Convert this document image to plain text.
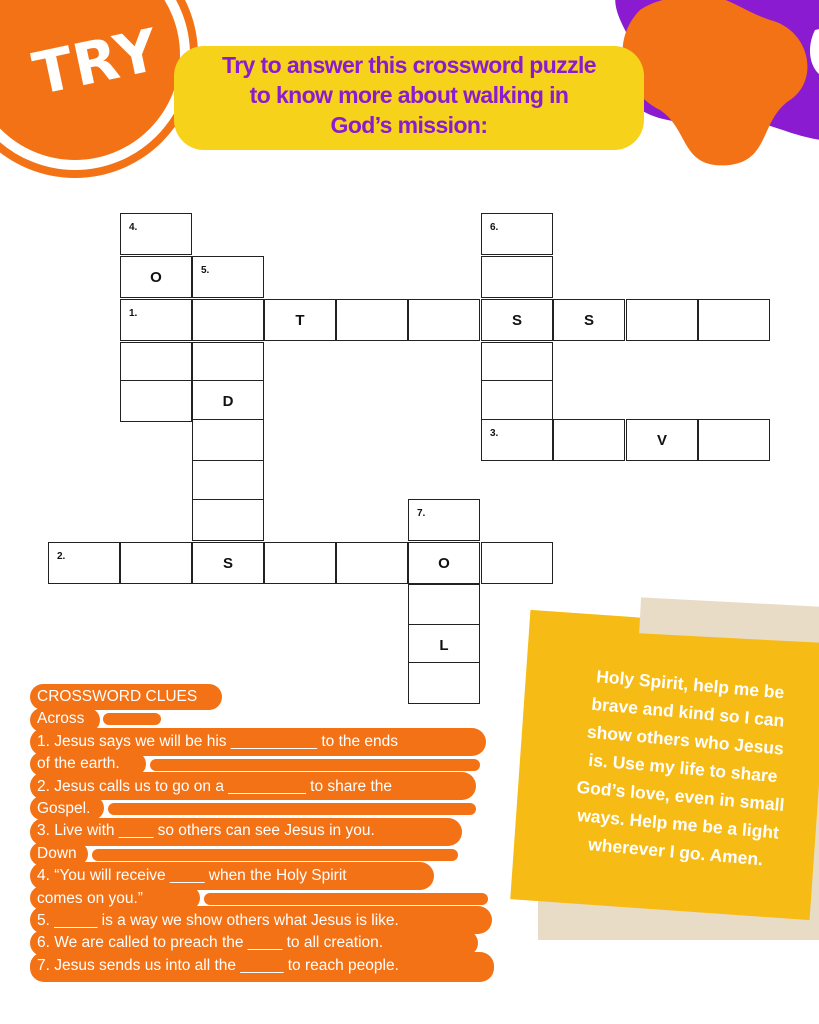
TRY	Try to answer this crossword puzzle
to know more about walking in
God’s mission:
4.
O
1.
5.
D
S
T	S	S
6.
3.	V
2.
7.
O
L
CROSSWORD CLUES
Across
1. Jesus says we will be his __________ to the ends
of the earth.
2. Jesus calls us to go on a _________ to share the
Gospel.
3. Live with ____ so others can see Jesus in you.
Down
4. “You will receive ____ when the Holy Spirit
comes on you.”
5. _____ is a way we show others what Jesus is like.
6. We are called to preach the ____ to all creation.
7. Jesus sends us into all the _____ to reach people.
Holy Spirit, help me be
brave and kind so I can
show others who Jesus
is. Use my life to share
God’s love, even in small
ways. Help me be a light
wherever I go. Amen.
